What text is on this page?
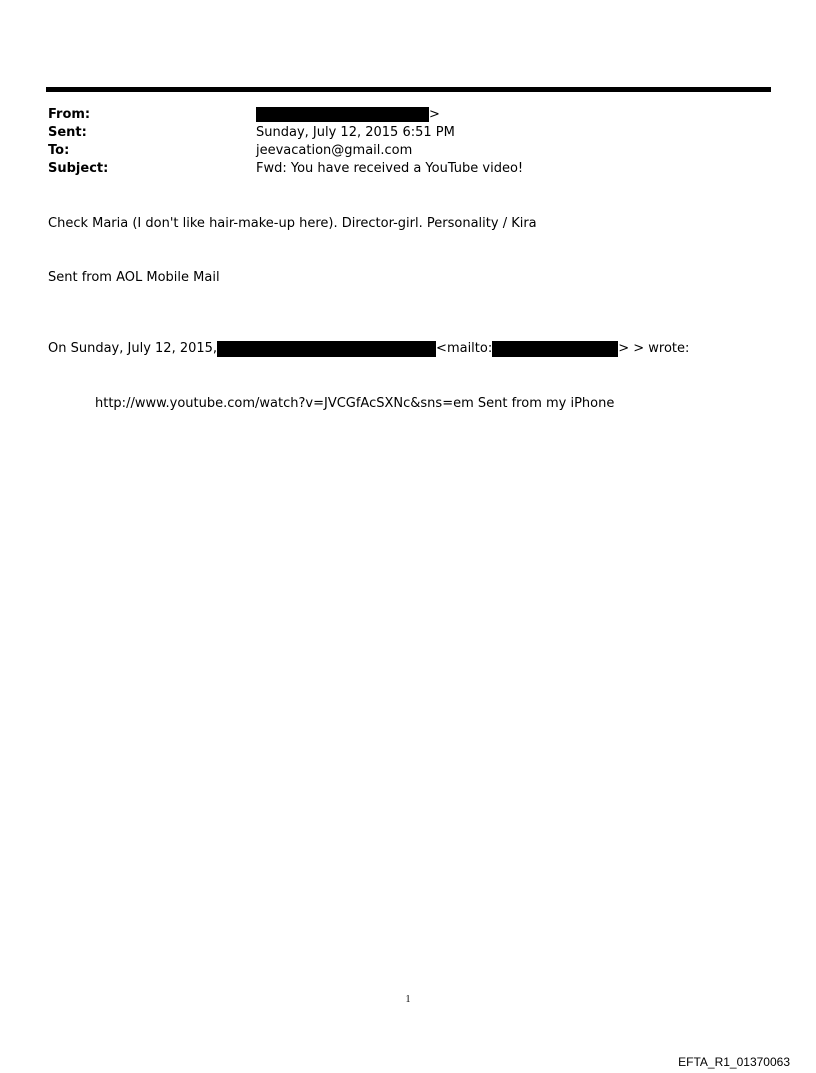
From:	>
Sent:	Sunday, July 12, 2015 6:51 PM
To:	jeevacation@gmail.com
Subject:	Fwd: You have received a YouTube video!
Check Maria (I don't like hair-make-up here). Director-girl. Personality / Kira
Sent from AOL Mobile Mail
On Sunday, July 12, 2015,	<mailto:	> > wrote:
http://www.youtube.com/watch?v=JVCGfAcSXNc&sns=em Sent from my iPhone
1
EFTA_R1_01370063
